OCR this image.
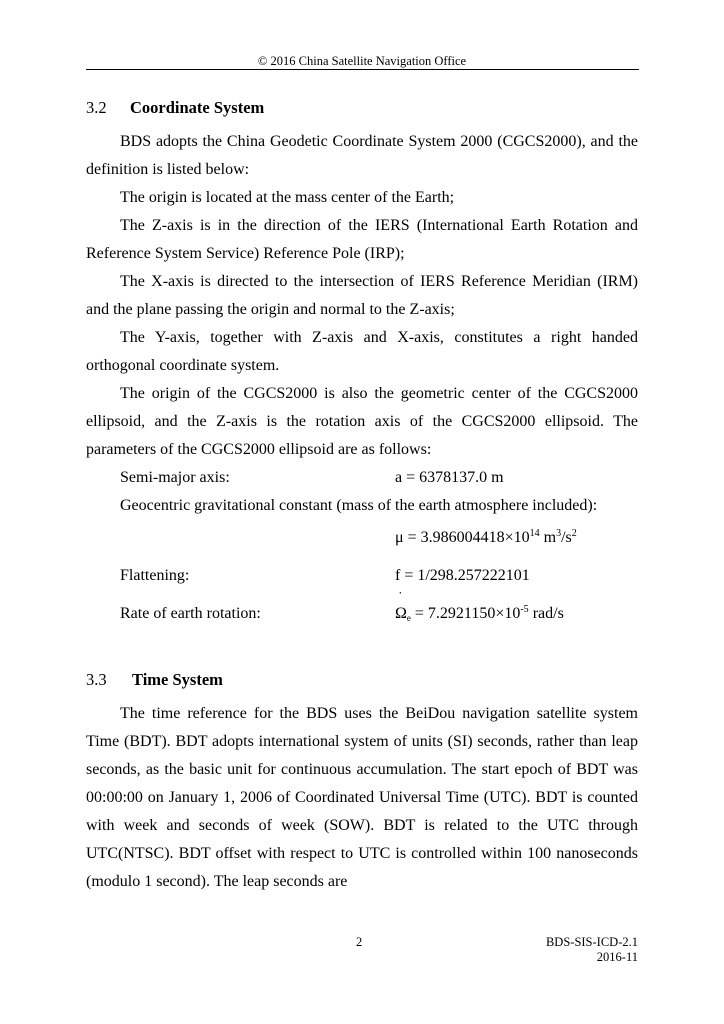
© 2016 China Satellite Navigation Office
3.2 Coordinate System

BDS adopts the China Geodetic Coordinate System 2000 (CGCS2000), and the definition is listed below:

The origin is located at the mass center of the Earth;

The Z-axis is in the direction of the IERS (International Earth Rotation and Reference System Service) Reference Pole (IRP);

The X-axis is directed to the intersection of IERS Reference Meridian (IRM) and the plane passing the origin and normal to the Z-axis;

The Y-axis, together with Z-axis and X-axis, constitutes a right handed orthogonal coordinate system.

The origin of the CGCS2000 is also the geometric center of the CGCS2000 ellipsoid, and the Z-axis is the rotation axis of the CGCS2000 ellipsoid. The parameters of the CGCS2000 ellipsoid are as follows:

Semi-major axis:	a = 6378137.0 m
Geocentric gravitational constant (mass of the earth atmosphere included):
$\mu = 3.986004418\times 10^{14}$ $m^3/s^2$
Flattening:	f = 1/298.257222101
Rate of earth rotation:
˙
$\Omega_e = 7.2921150\times 10^{-5}$ rad/s
3.3 Time System

The time reference for the BDS uses the BeiDou navigation satellite system Time (BDT). BDT adopts international system of units (SI) seconds, rather than leap seconds, as the basic unit for continuous accumulation. The start epoch of BDT was 00:00:00 on January 1, 2006 of Coordinated Universal Time (UTC). BDT is counted with week and seconds of week (SOW). BDT is related to the UTC through UTC(NTSC). BDT offset with respect to UTC is controlled within 100 nanoseconds (modulo 1 second). The leap seconds are

2	BDS-SIS-ICD-2.1
2016-11
